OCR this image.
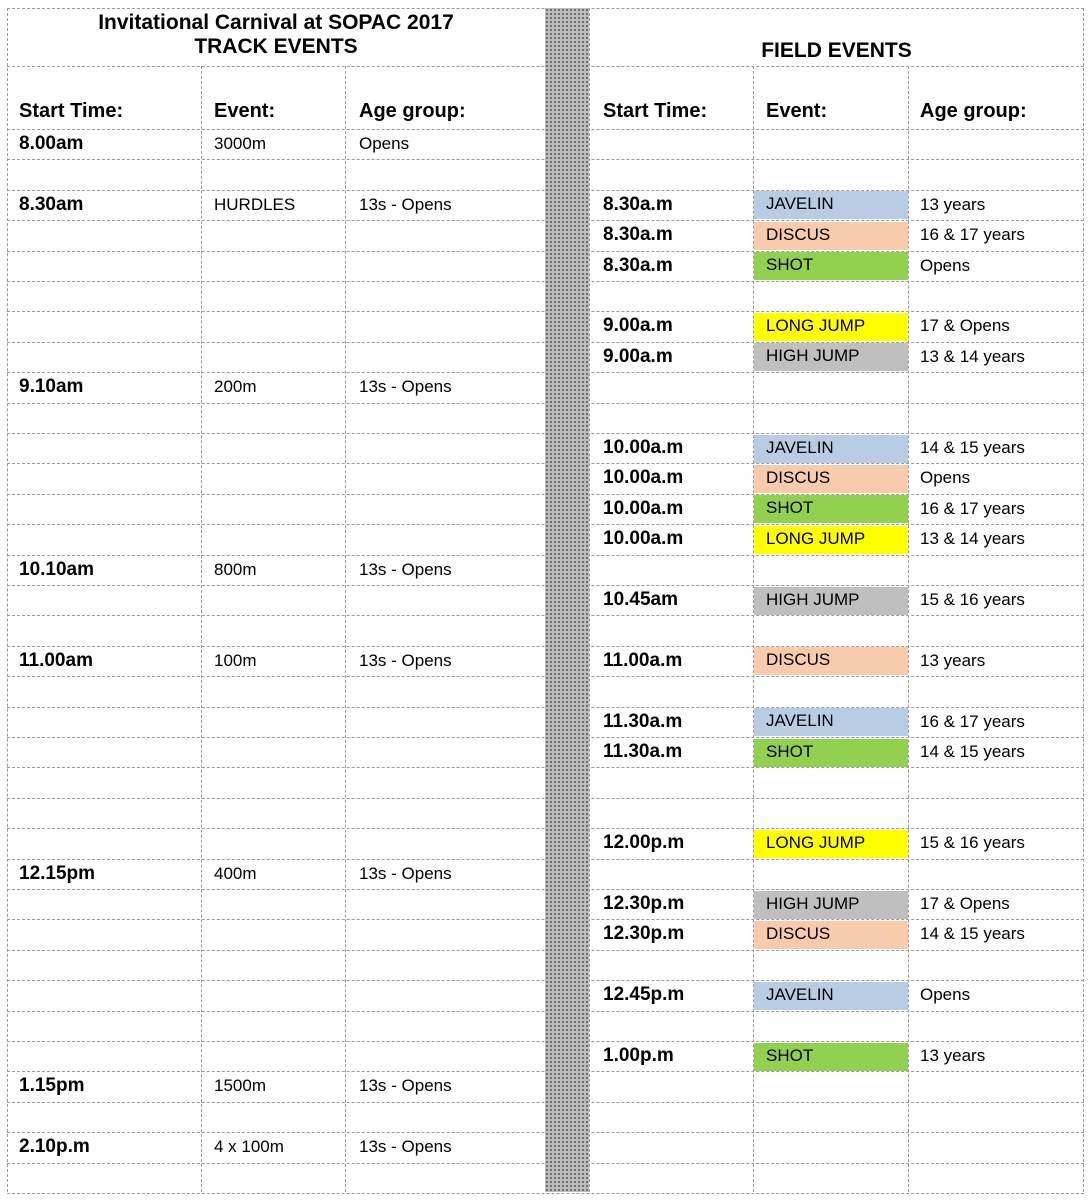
Invitational Carnival at SOPAC 2017
TRACK EVENTS	FIELD EVENTS
Start Time:	Event:	Age group:	Start Time:	Event:	Age group:
8.00am	3000m	Opens
8.30am	HURDLES	13s - Opens
9.10am	200m	13s - Opens
10.10am	800m	13s - Opens
11.00am	100m	13s - Opens
12.15pm	400m	13s - Opens
1.15pm	1500m	13s - Opens
2.10p.m	4 x 100m	13s - Opens
8.30a.m	JAVELIN	13 years
8.30a.m	DISCUS	16 & 17 years
8.30a.m	SHOT	Opens
9.00a.m	LONG JUMP	17 & Opens
9.00a.m	HIGH JUMP	13 & 14 years
10.00a.m	JAVELIN	14 & 15 years
10.00a.m	DISCUS	Opens
10.00a.m	SHOT	16 & 17 years
10.00a.m	LONG JUMP	13 & 14 years
10.45am	HIGH JUMP	15 & 16 years
11.00a.m	DISCUS	13 years
11.30a.m	JAVELIN	16 & 17 years
11.30a.m	SHOT	14 & 15 years
12.00p.m	LONG JUMP	15 & 16 years
12.30p.m	HIGH JUMP	17 & Opens
12.30p.m	DISCUS	14 & 15 years
12.45p.m	JAVELIN	Opens
1.00p.m	SHOT	13 years
